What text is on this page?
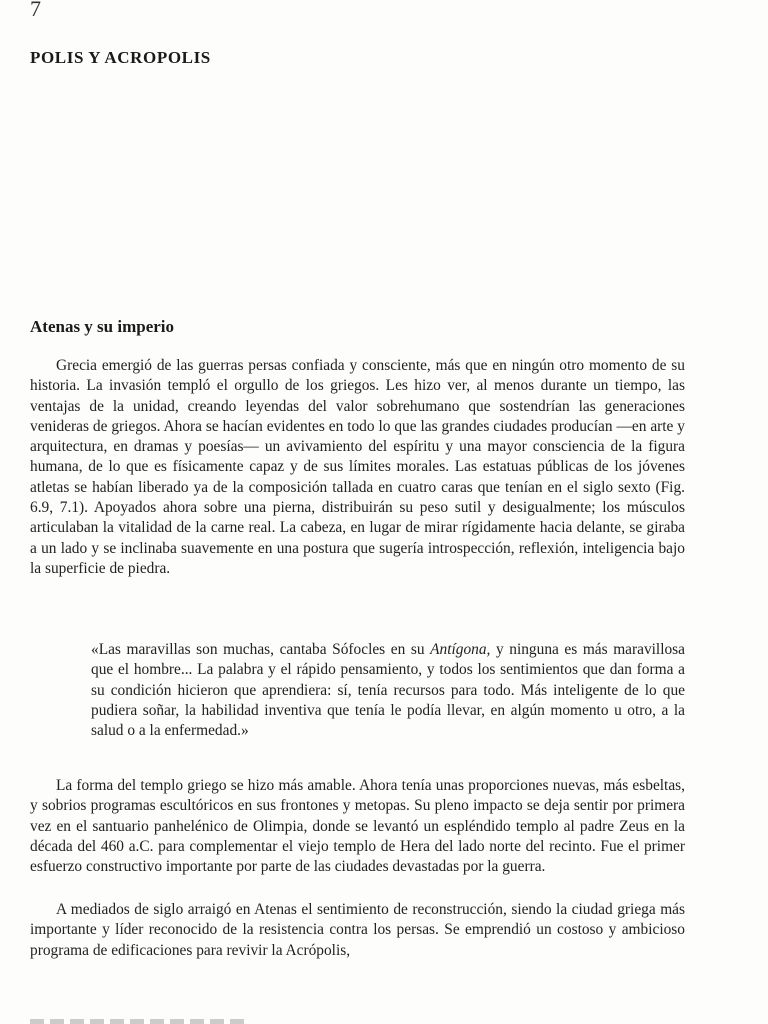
7
POLIS Y ACROPOLIS
Atenas y su imperio

Grecia emergió de las guerras persas confiada y consciente, más que en ningún otro momento de su historia. La invasión templó el orgullo de los griegos. Les hizo ver, al menos durante un tiempo, las ventajas de la unidad, creando leyendas del valor sobrehumano que sostendrían las generaciones venideras de griegos. Ahora se hacían evidentes en todo lo que las grandes ciudades producían —en arte y arquitectura, en dramas y poesías— un avivamiento del espíritu y una mayor consciencia de la figura humana, de lo que es físicamente capaz y de sus límites morales. Las estatuas públicas de los jóvenes atletas se habían liberado ya de la composición tallada en cuatro caras que tenían en el siglo sexto (Fig. 6.9, 7.1). Apoyados ahora sobre una pierna, distribuirán su peso sutil y desigualmente; los músculos articulaban la vitalidad de la carne real. La cabeza, en lugar de mirar rígidamente hacia delante, se giraba a un lado y se inclinaba suavemente en una postura que sugería introspección, reflexión, inteligencia bajo la superficie de piedra.

«Las maravillas son muchas, cantaba Sófocles en su Antígona, y ninguna es más maravillosa que el hombre... La palabra y el rápido pensamiento, y todos los sentimientos que dan forma a su condición hicieron que aprendiera: sí, tenía recursos para todo. Más inteligente de lo que pudiera soñar, la habilidad inventiva que tenía le podía llevar, en algún momento u otro, a la salud o a la enfermedad.»

La forma del templo griego se hizo más amable. Ahora tenía unas proporciones nuevas, más esbeltas, y sobrios programas escultóricos en sus frontones y metopas. Su pleno impacto se deja sentir por primera vez en el santuario panhelénico de Olimpia, donde se levantó un espléndido templo al padre Zeus en la década del 460 a.C. para complementar el viejo templo de Hera del lado norte del recinto. Fue el primer esfuerzo constructivo importante por parte de las ciudades devastadas por la guerra.

A mediados de siglo arraigó en Atenas el sentimiento de reconstrucción, siendo la ciudad griega más importante y líder reconocido de la resistencia contra los persas. Se emprendió un costoso y ambicioso programa de edificaciones para revivir la Acrópolis,
